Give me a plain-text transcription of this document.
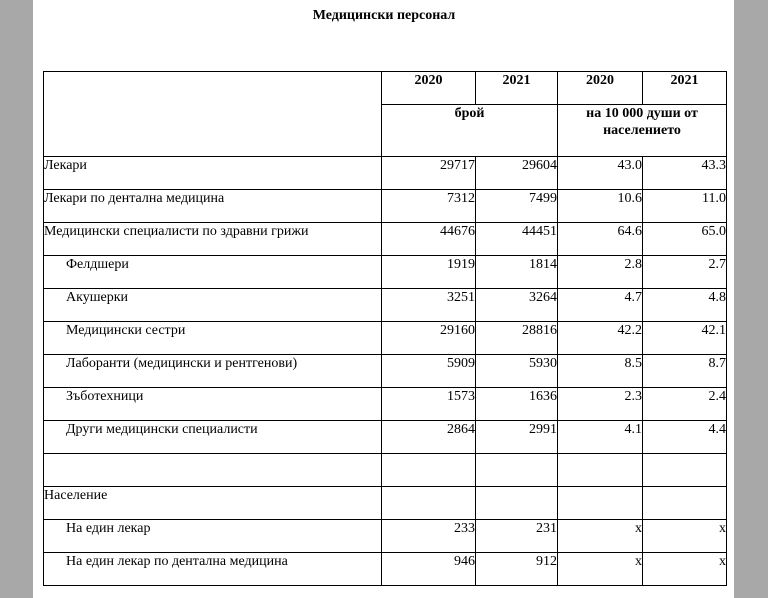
Медицински персонал
	2020	2021	2020	2021
	брой		на 10 000 души от населението	
Лекари	29717	29604	43.0	43.3
Лекари по дентална медицина	7312	7499	10.6	11.0
Медицински специалисти по здравни грижи	44676	44451	64.6	65.0
Фелдшери	1919	1814	2.8	2.7
Акушерки	3251	3264	4.7	4.8
Медицински сестри	29160	28816	42.2	42.1
Лаборанти (медицински и рентгенови)	5909	5930	8.5	8.7
Зъботехници	1573	1636	2.3	2.4
Други медицински специалисти	2864	2991	4.1	4.4

Население				
На един лекар	233	231	x	x
На един лекар по дентална медицина	946	912	x	x
